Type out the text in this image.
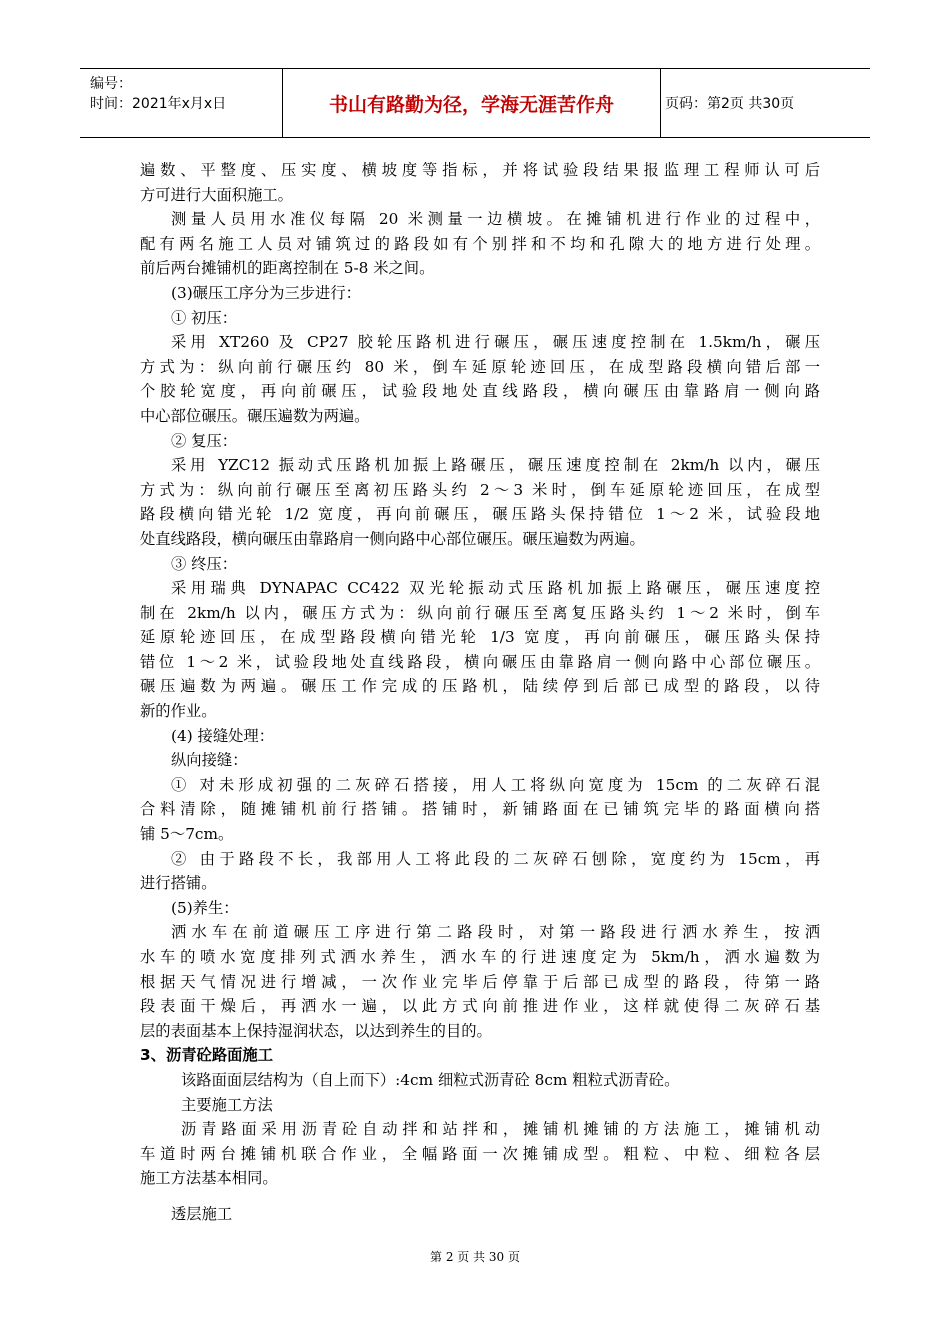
编号：
时间：2021年x月x日	书山有路勤为径，学海无涯苦作舟	页码：第2页 共30页
遍数、平整度、压实度、横坡度等指标，并将试验段结果报监理工程师认可后
方可进行大面积施工。
测量人员用水准仪每隔 20 米测量一边横坡。在摊铺机进行作业的过程中，
配有两名施工人员对铺筑过的路段如有个别拌和不均和孔隙大的地方进行处理。
前后两台摊铺机的距离控制在 5-8 米之间。
(3)碾压工序分为三步进行：
① 初压：
采用 XT260 及 CP27 胶轮压路机进行碾压，碾压速度控制在 1.5km/h，碾压
方式为：纵向前行碾压约 80 米，倒车延原轮迹回压，在成型路段横向错后部一
个胶轮宽度，再向前碾压，试验段地处直线路段，横向碾压由靠路肩一侧向路
中心部位碾压。碾压遍数为两遍。
② 复压：
采用 YZC12 振动式压路机加振上路碾压，碾压速度控制在 2km/h 以内，碾压
方式为：纵向前行碾压至离初压路头约 2～3 米时，倒车延原轮迹回压，在成型
路段横向错光轮 1/2 宽度，再向前碾压，碾压路头保持错位 1～2 米，试验段地
处直线路段，横向碾压由靠路肩一侧向路中心部位碾压。碾压遍数为两遍。
③ 终压：
采用瑞典 DYNAPAC CC422 双光轮振动式压路机加振上路碾压，碾压速度控
制在 2km/h 以内，碾压方式为：纵向前行碾压至离复压路头约 1～2 米时，倒车
延原轮迹回压，在成型路段横向错光轮 1/3 宽度，再向前碾压，碾压路头保持
错位 1～2 米，试验段地处直线路段，横向碾压由靠路肩一侧向路中心部位碾压。
碾压遍数为两遍。碾压工作完成的压路机，陆续停到后部已成型的路段，以待
新的作业。
(4) 接缝处理：
纵向接缝：
① 对未形成初强的二灰碎石搭接，用人工将纵向宽度为 15cm 的二灰碎石混
合料清除，随摊铺机前行搭铺。搭铺时，新铺路面在已铺筑完毕的路面横向搭
铺 5～7cm。
② 由于路段不长，我部用人工将此段的二灰碎石刨除，宽度约为 15cm，再
进行搭铺。
(5)养生：
洒水车在前道碾压工序进行第二路段时，对第一路段进行洒水养生，按洒
水车的喷水宽度排列式洒水养生，洒水车的行进速度定为 5km/h，洒水遍数为
根据天气情况进行增减，一次作业完毕后停靠于后部已成型的路段，待第一路
段表面干燥后，再洒水一遍，以此方式向前推进作业，这样就使得二灰碎石基
层的表面基本上保持湿润状态，以达到养生的目的。
3、沥青砼路面施工
该路面面层结构为（自上而下）:4cm 细粒式沥青砼 8cm 粗粒式沥青砼。
主要施工方法
沥青路面采用沥青砼自动拌和站拌和，摊铺机摊铺的方法施工，摊铺机动
车道时两台摊铺机联合作业，全幅路面一次摊铺成型。粗粒、中粒、细粒各层
施工方法基本相同。
透层施工
第 2 页 共 30 页
